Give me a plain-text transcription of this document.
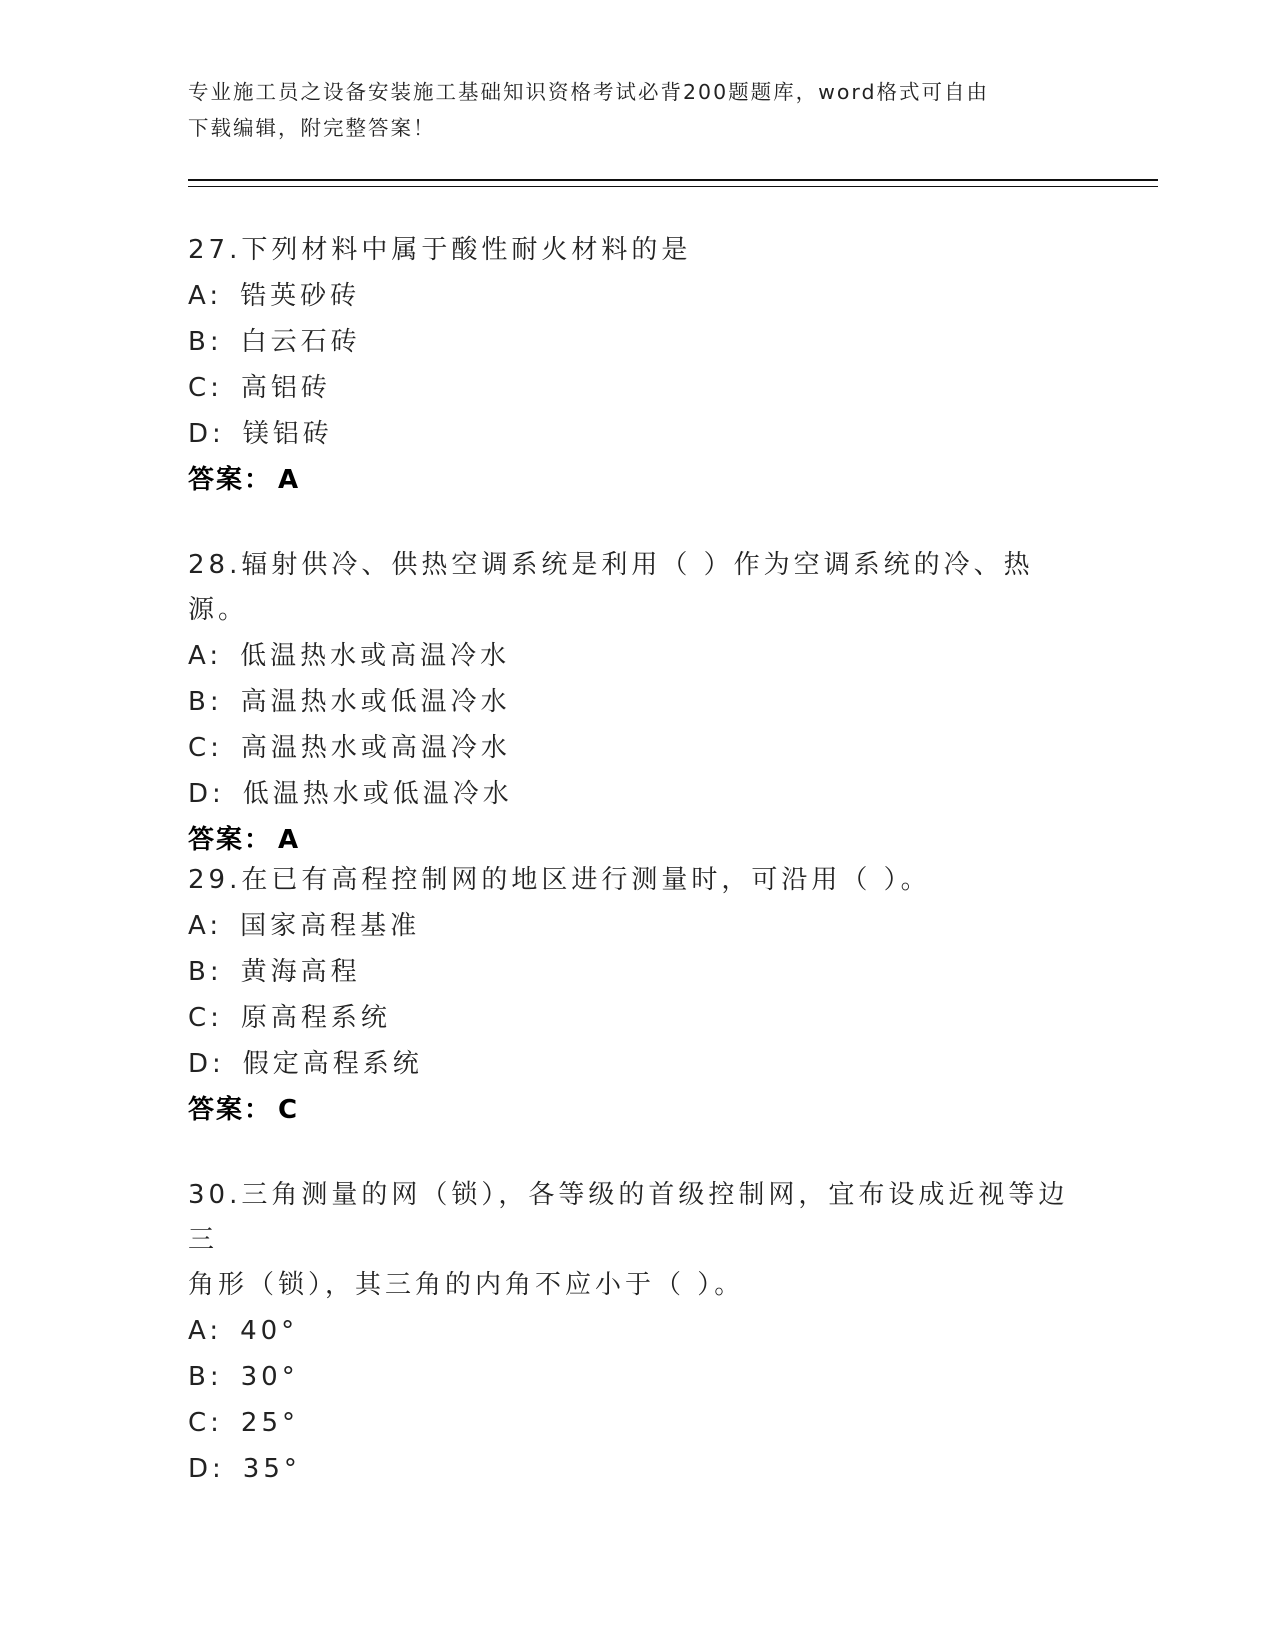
专业施工员之设备安装施工基础知识资格考试必背200题题库，word格式可自由
下载编辑，附完整答案！
27.下列材料中属于酸性耐火材料的是
A: 锆英砂砖
B: 白云石砖
C: 高铝砖
D: 镁铝砖
答案： A
28.辐射供冷、供热空调系统是利用（ ）作为空调系统的冷、热源。
A: 低温热水或高温冷水
B: 高温热水或低温冷水
C: 高温热水或高温冷水
D: 低温热水或低温冷水
答案： A
29.在已有高程控制网的地区进行测量时，可沿用（ ）。
A: 国家高程基准
B: 黄海高程
C: 原高程系统
D: 假定高程系统
答案： C
30.三角测量的网（锁），各等级的首级控制网，宜布设成近视等边三
角形（锁），其三角的内角不应小于（ ）。
A: 40°
B: 30°
C: 25°
D: 35°
